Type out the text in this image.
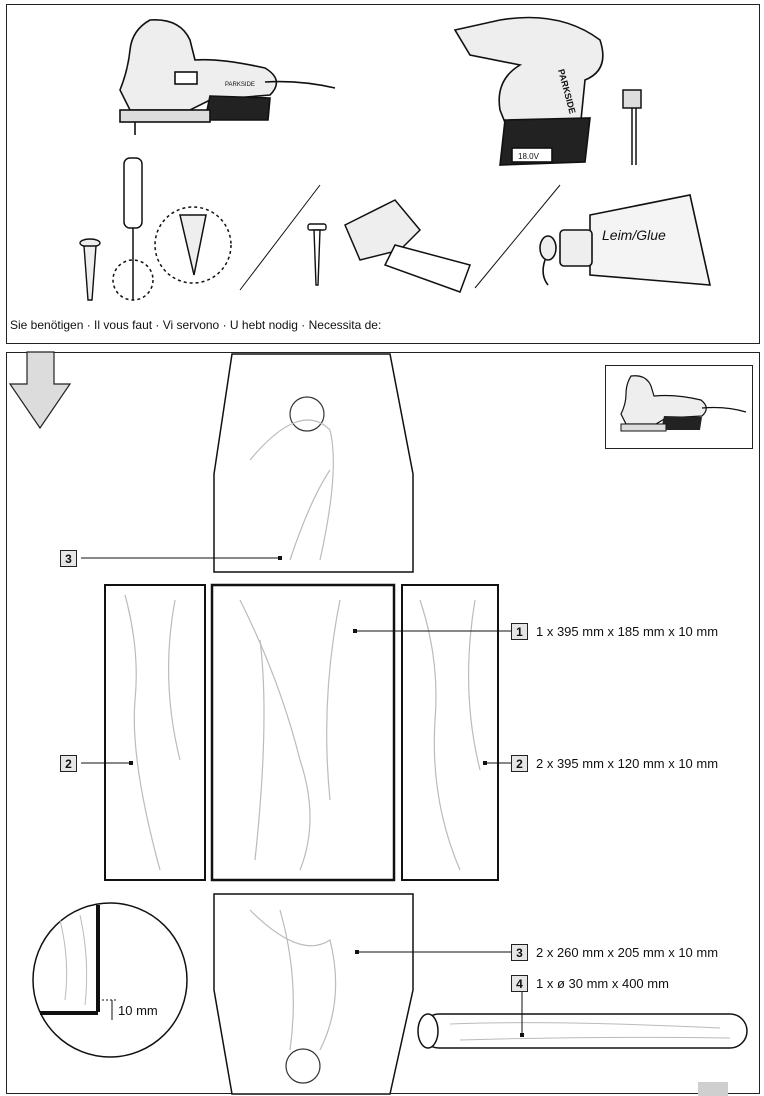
PARKSIDE
18.0V
PARKSIDE
Leim/Glue
Sie benötigen · Il vous faut · Vi servono · U hebt nodig · Necessita de:
3
1
2	2
3
4
1 x 395 mm x 185 mm x 10 mm
2 x 395 mm x 120 mm x 10 mm
2 x 260 mm x 205 mm x 10 mm
1 x ø 30 mm x 400 mm
10 mm
